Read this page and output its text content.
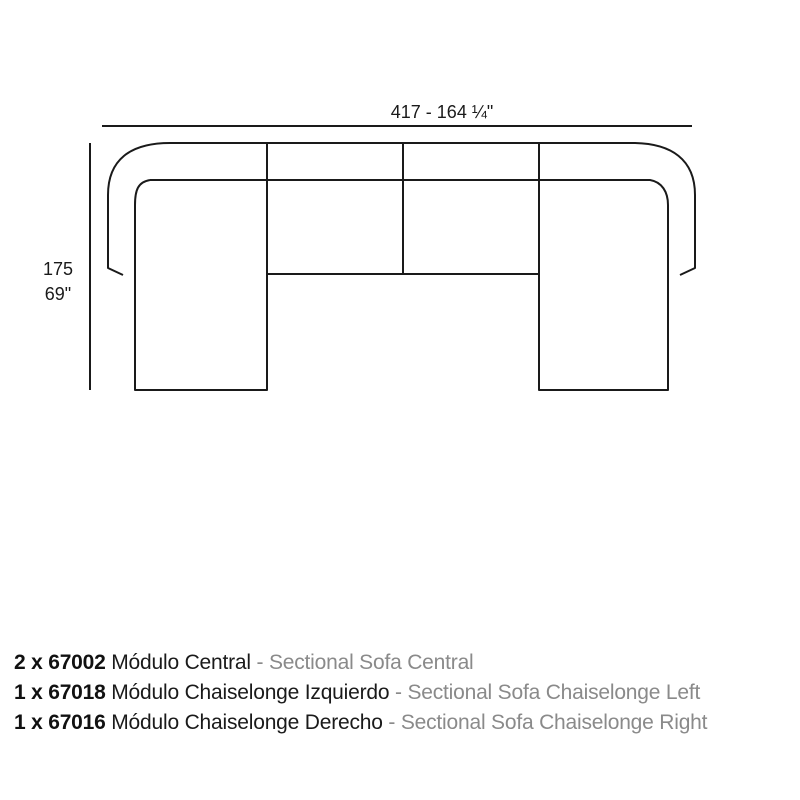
417 - 164 ¼"
175
69"
2 x 67002 Módulo Central - Sectional Sofa Central
1 x 67018 Módulo Chaiselonge Izquierdo - Sectional Sofa Chaiselonge Left
1 x 67016 Módulo Chaiselonge Derecho - Sectional Sofa Chaiselonge Right
